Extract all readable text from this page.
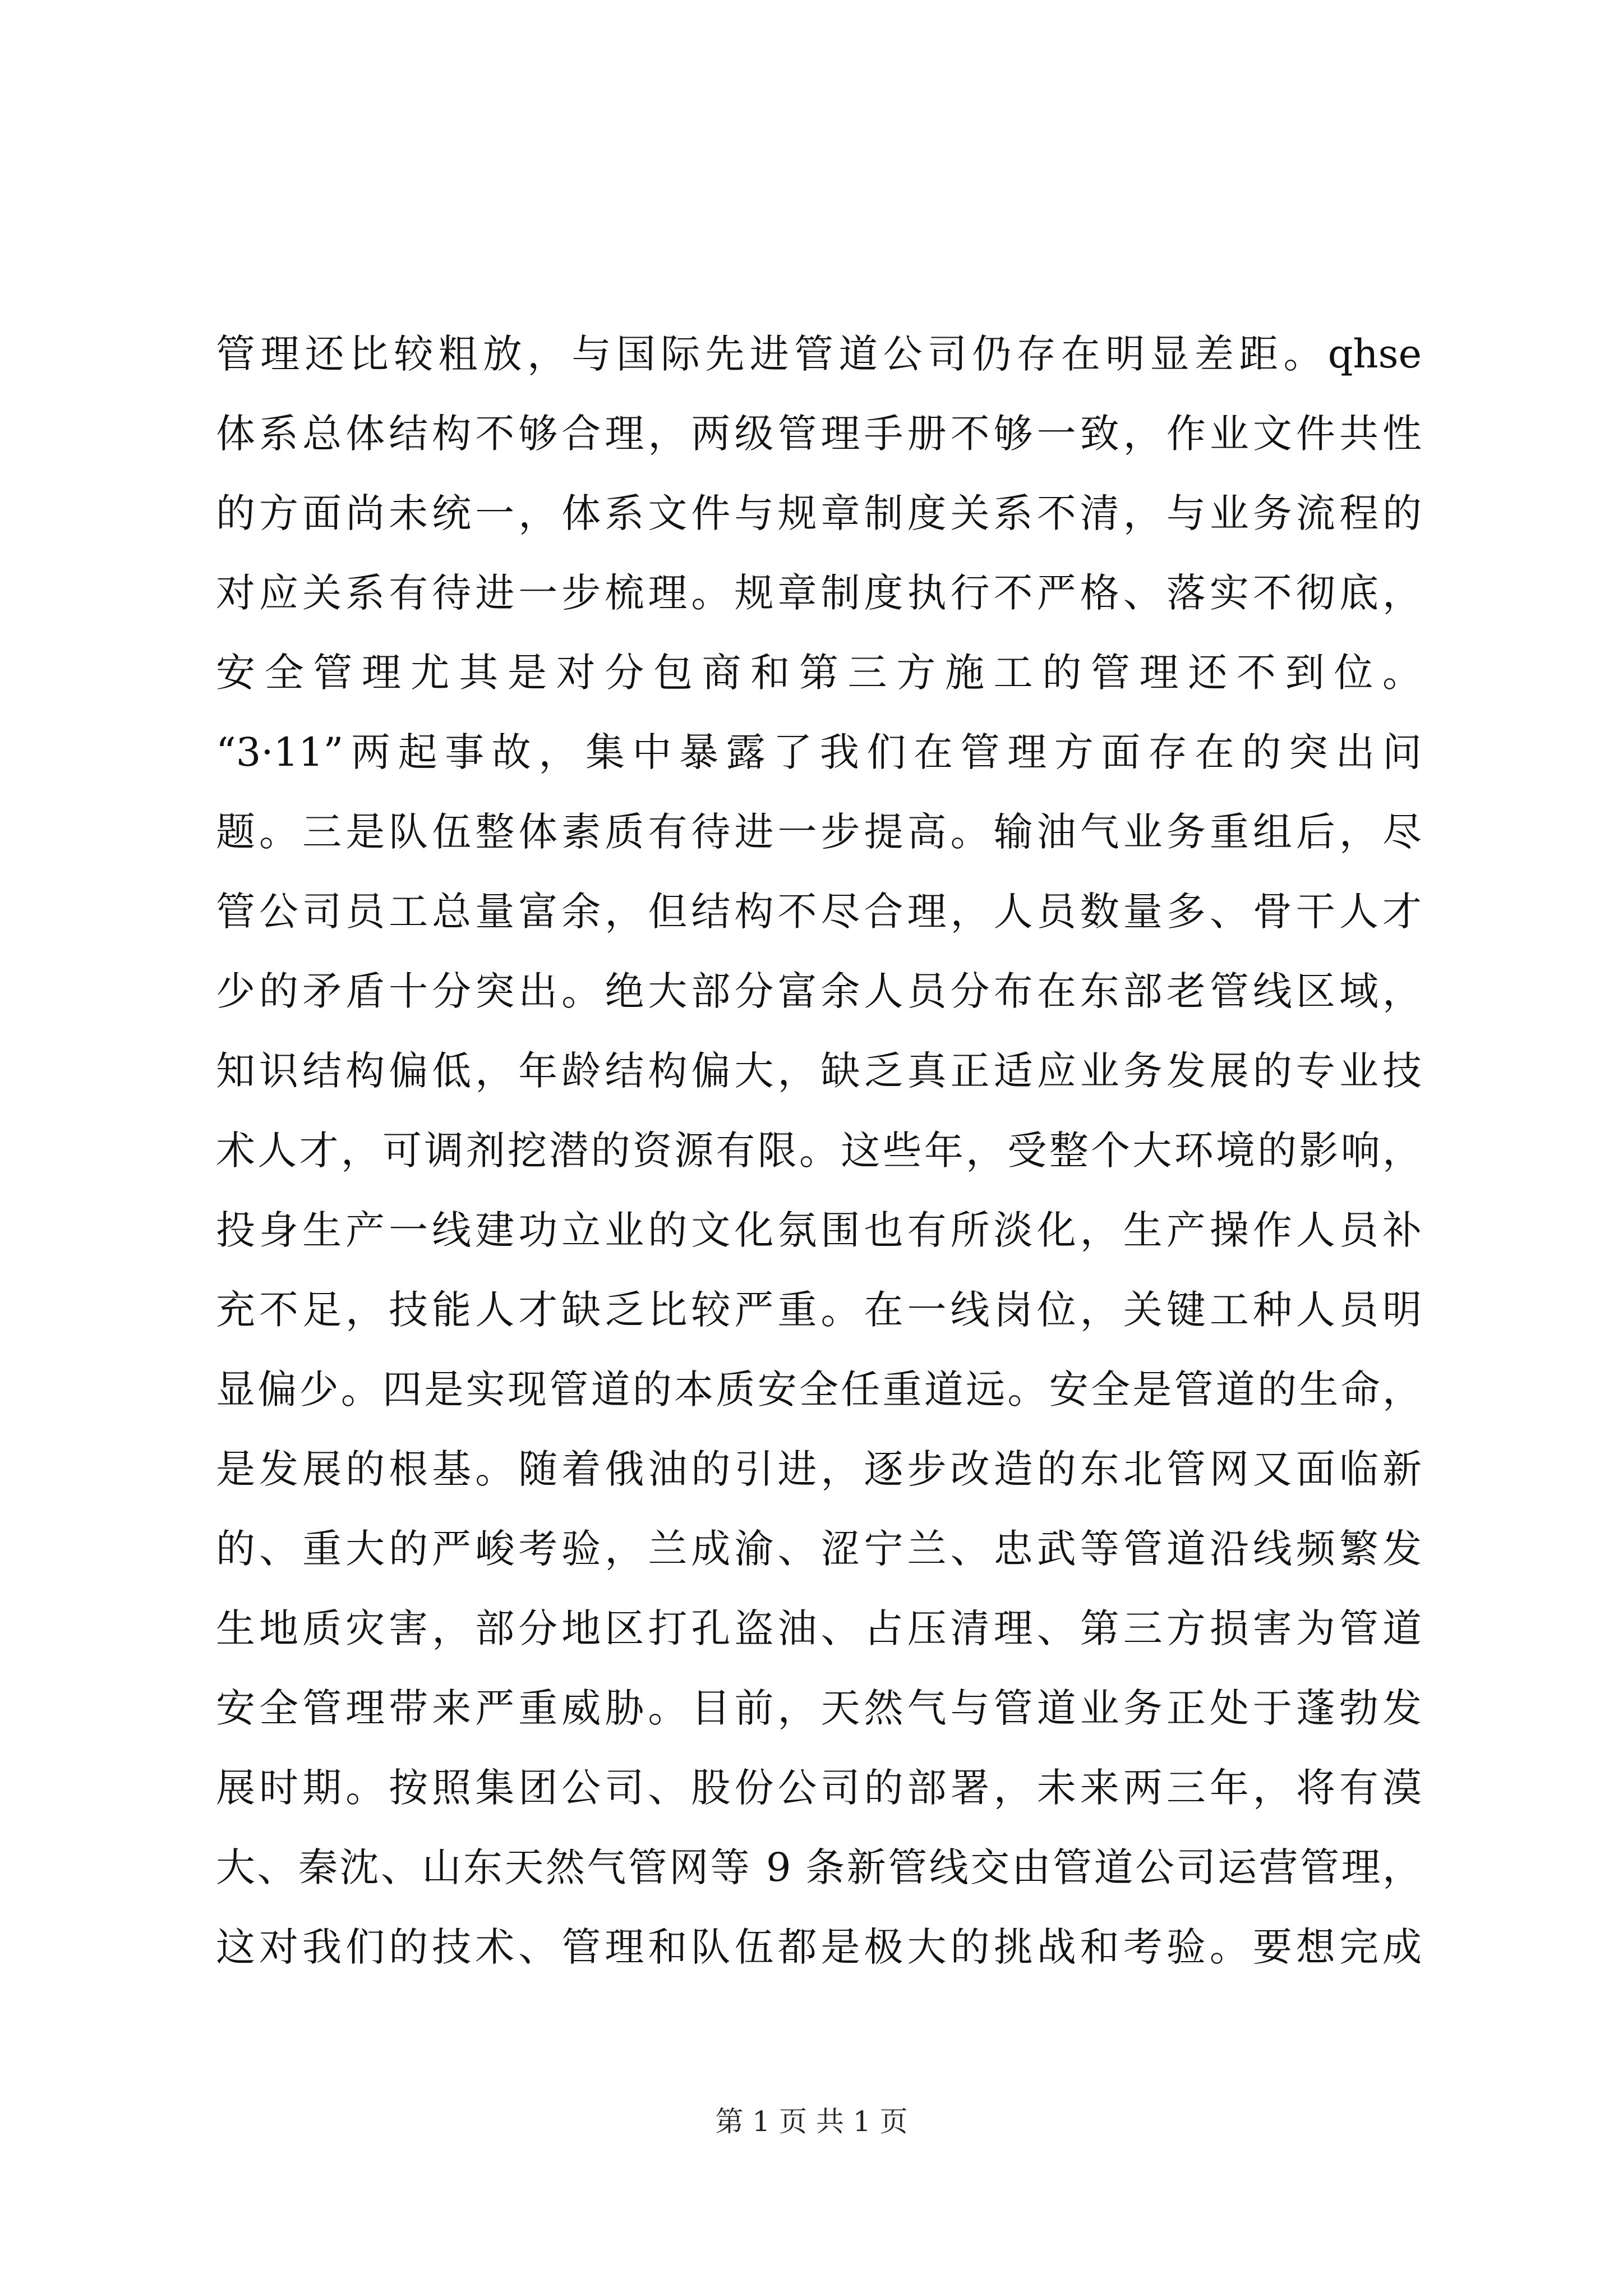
管理还比较粗放，与国际先进管道公司仍存在明显差距。qhse
体系总体结构不够合理，两级管理手册不够一致，作业文件共性
的方面尚未统一，体系文件与规章制度关系不清，与业务流程的
对应关系有待进一步梳理。规章制度执行不严格、落实不彻底，
安全管理尤其是对分包商和第三方施工的管理还不到位。
“3·11”两起事故，集中暴露了我们在管理方面存在的突出问
题。三是队伍整体素质有待进一步提高。输油气业务重组后，尽
管公司员工总量富余，但结构不尽合理，人员数量多、骨干人才
少的矛盾十分突出。绝大部分富余人员分布在东部老管线区域，
知识结构偏低，年龄结构偏大，缺乏真正适应业务发展的专业技
术人才，可调剂挖潜的资源有限。这些年，受整个大环境的影响，
投身生产一线建功立业的文化氛围也有所淡化，生产操作人员补
充不足，技能人才缺乏比较严重。在一线岗位，关键工种人员明
显偏少。四是实现管道的本质安全任重道远。安全是管道的生命，
是发展的根基。随着俄油的引进，逐步改造的东北管网又面临新
的、重大的严峻考验，兰成渝、涩宁兰、忠武等管道沿线频繁发
生地质灾害，部分地区打孔盗油、占压清理、第三方损害为管道
安全管理带来严重威胁。目前，天然气与管道业务正处于蓬勃发
展时期。按照集团公司、股份公司的部署，未来两三年，将有漠
大、秦沈、山东天然气管网等 9 条新管线交由管道公司运营管理，
这对我们的技术、管理和队伍都是极大的挑战和考验。要想完成
第 1 页 共 1 页
